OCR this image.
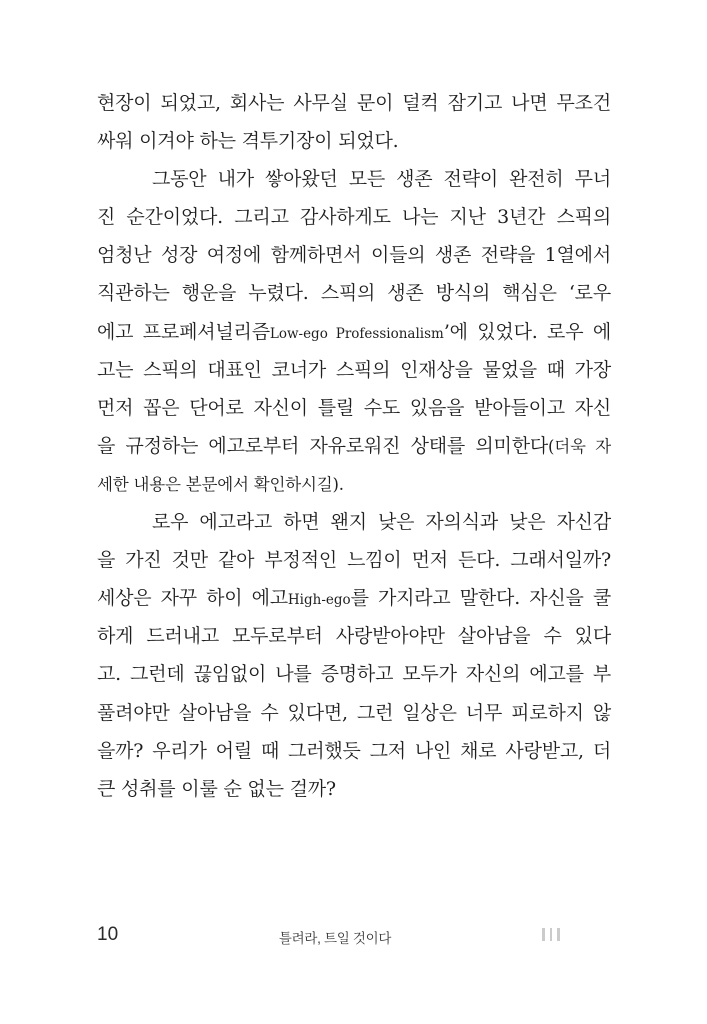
현장이 되었고, 회사는 사무실 문이 덜컥 잠기고 나면 무조건
싸워 이겨야 하는 격투기장이 되었다.
그동안 내가 쌓아왔던 모든 생존 전략이 완전히 무너
진 순간이었다. 그리고 감사하게도 나는 지난 3년간 스픽의
엄청난 성장 여정에 함께하면서 이들의 생존 전략을 1열에서
직관하는 행운을 누렸다. 스픽의 생존 방식의 핵심은 ‘로우
에고 프로페셔널리즘Low-ego Professionalism’에 있었다. 로우 에
고는 스픽의 대표인 코너가 스픽의 인재상을 물었을 때 가장
먼저 꼽은 단어로 자신이 틀릴 수도 있음을 받아들이고 자신
을 규정하는 에고로부터 자유로워진 상태를 의미한다(더욱 자
세한 내용은 본문에서 확인하시길).
로우 에고라고 하면 왠지 낮은 자의식과 낮은 자신감
을 가진 것만 같아 부정적인 느낌이 먼저 든다. 그래서일까?
세상은 자꾸 하이 에고High-ego를 가지라고 말한다. 자신을 쿨
하게 드러내고 모두로부터 사랑받아야만 살아남을 수 있다
고. 그런데 끊임없이 나를 증명하고 모두가 자신의 에고를 부
풀려야만 살아남을 수 있다면, 그런 일상은 너무 피로하지 않
을까? 우리가 어릴 때 그러했듯 그저 나인 채로 사랑받고, 더
큰 성취를 이룰 순 없는 걸까?
10	틀려라, 트일 것이다
